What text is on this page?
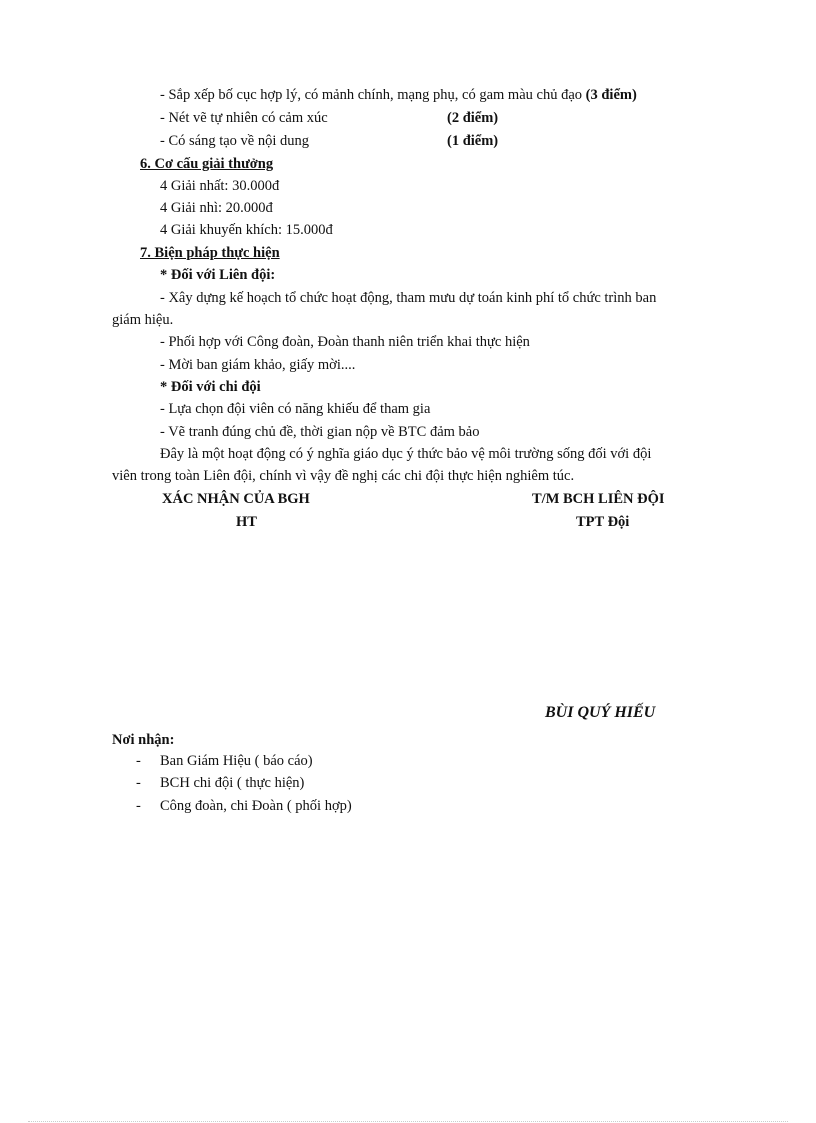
- Sắp xếp bố cục hợp lý, có mảnh chính, mạng phụ, có gam màu chủ đạo (3 điểm)
- Nét vẽ tự nhiên có cảm xúc	(2 điểm)
- Có sáng tạo về nội dung	(1 điểm)
6. Cơ cấu giải thưởng
4 Giải nhất: 30.000đ
4 Giải nhì: 20.000đ
4 Giải khuyến khích: 15.000đ
7. Biện pháp thực hiện
* Đối với Liên đội:
- Xây dựng kế hoạch tổ chức hoạt động, tham mưu dự toán kinh phí tổ chức trình ban
giám hiệu.
- Phối hợp với Công đoàn, Đoàn thanh niên triển khai thực hiện
- Mời ban giám khảo, giấy mời....
* Đối với chi đội
- Lựa chọn đội viên có năng khiếu để tham gia
- Vẽ tranh đúng chủ đề, thời gian nộp về BTC đảm bảo
Đây là một hoạt động có ý nghĩa giáo dục ý thức bảo vệ môi trường sống đối với đội
viên trong toàn Liên đội, chính vì vậy đề nghị các chi đội thực hiện nghiêm túc.
XÁC NHẬN CỦA BGH	T/M BCH LIÊN ĐỘI
HT	TPT Đội
BÙI QUÝ HIẾU
Nơi nhận:
- Ban Giám Hiệu ( báo cáo)
- BCH chi đội ( thực hiện)
- Công đoàn, chi Đoàn ( phối hợp)
